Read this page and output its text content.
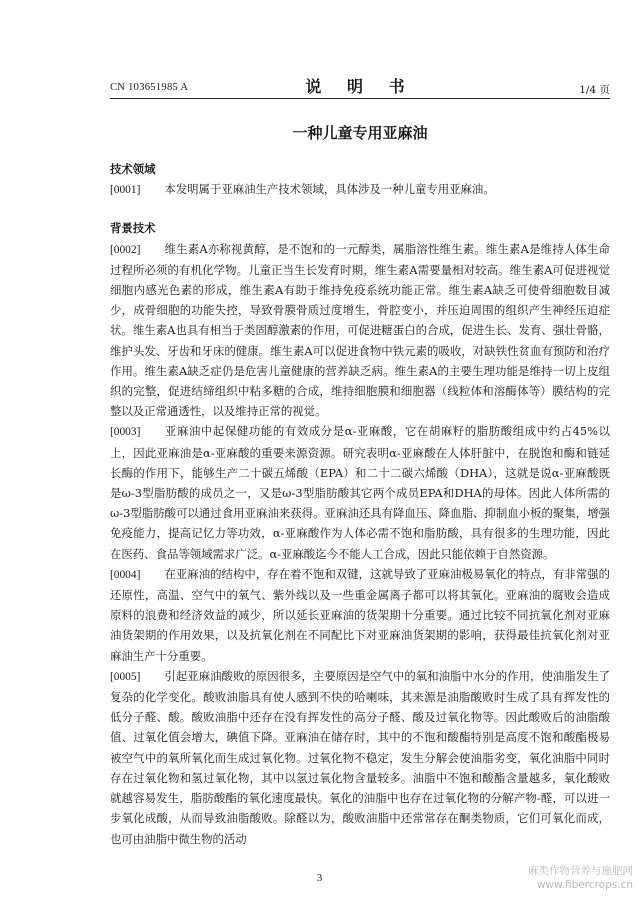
CN 103651985 A	说 明 书	1/4 页
一种儿童专用亚麻油

技术领域

[0001] 本发明属于亚麻油生产技术领域，具体涉及一种儿童专用亚麻油。

背景技术

[0002] 维生素A亦称视黄醇，是不饱和的一元醇类，属脂溶性维生素。维生素A是维持人体生命过程所必须的有机化学物。儿童正当生长发育时期，维生素A需要量相对较高。维生素A可促进视觉细胞内感光色素的形成，维生素A有助于维持免疫系统功能正常。维生素A缺乏可使骨细胞数目减少，成骨细胞的功能失控，导致骨膜骨质过度增生，骨腔变小，并压迫周围的组织产生神经压迫症状。维生素A也具有相当于类固醇激素的作用，可促进糖蛋白的合成，促进生长、发育、强壮骨骼，维护头发、牙齿和牙床的健康。维生素A可以促进食物中铁元素的吸收，对缺铁性贫血有预防和治疗作用。维生素A缺乏症仍是危害儿童健康的营养缺乏病。维生素A的主要生理功能是维持一切上皮组织的完整，促进结缔组织中粘多糖的合成，维持细胞膜和细胞器（线粒体和溶酶体等）膜结构的完整以及正常通透性，以及维持正常的视觉。

[0003] 亚麻油中起保健功能的有效成分是α-亚麻酸，它在胡麻籽的脂肪酸组成中约占45%以上，因此亚麻油是α-亚麻酸的重要来源资源。研究表明α-亚麻酸在人体肝脏中，在脱饱和酶和链延长酶的作用下，能够生产二十碳五烯酸（EPA）和二十二碳六烯酸（DHA），这就是说α-亚麻酸既是ω-3型脂肪酸的成员之一，又是ω-3型脂肪酸其它两个成员EPA和DHA的母体。因此人体所需的ω-3型脂肪酸可以通过食用亚麻油来获得。亚麻油还具有降血压、降血脂、抑制血小板的聚集，增强免疫能力，提高记忆力等功效，α-亚麻酸作为人体必需不饱和脂肪酸，具有很多的生理功能，因此在医药、食品等领域需求广泛。α-亚麻酸迄今不能人工合成，因此只能依赖于自然资源。

[0004] 在亚麻油的结构中，存在着不饱和双键，这就导致了亚麻油极易氧化的特点，有非常强的还原性，高温、空气中的氧气、紫外线以及一些重金属离子都可以将其氧化。亚麻油的腐败会造成原料的浪费和经济效益的减少，所以延长亚麻油的货架期十分重要。通过比较不同抗氧化剂对亚麻油货架期的作用效果，以及抗氧化剂在不同配比下对亚麻油货架期的影响，获得最佳抗氧化剂对亚麻油生产十分重要。

[0005] 引起亚麻油酸败的原因很多，主要原因是空气中的氧和油脂中水分的作用，使油脂发生了复杂的化学变化。酸败油脂具有使人感到不快的哈喇味，其来源是油脂酸败时生成了具有挥发性的低分子醛、酸。酸败油脂中还存在没有挥发性的高分子醛、酸及过氧化物等。因此酸败后的油脂酸值、过氧化值会增大，碘值下降。亚麻油在储存时，其中的不饱和酸酯特别是高度不饱和酸酯极易被空气中的氧所氧化而生成过氧化物。过氧化物不稳定，发生分解会使油脂劣变，氧化油脂中同时存在过氧化物和氢过氧化物，其中以氢过氧化物含量较多。油脂中不饱和酸酯含量越多，氧化酸败就越容易发生，脂肪酸酯的氧化速度最快。氧化的油脂中也存在过氧化物的分解产物-醛，可以进一步氧化成酸，从而导致油脂酸败。除醛以为，酸败油脂中还常常存在酮类物质，它们可氧化而成，也可由油脂中微生物的活动

3
麻类作物营养与施肥网
www.fibercrops.cn
